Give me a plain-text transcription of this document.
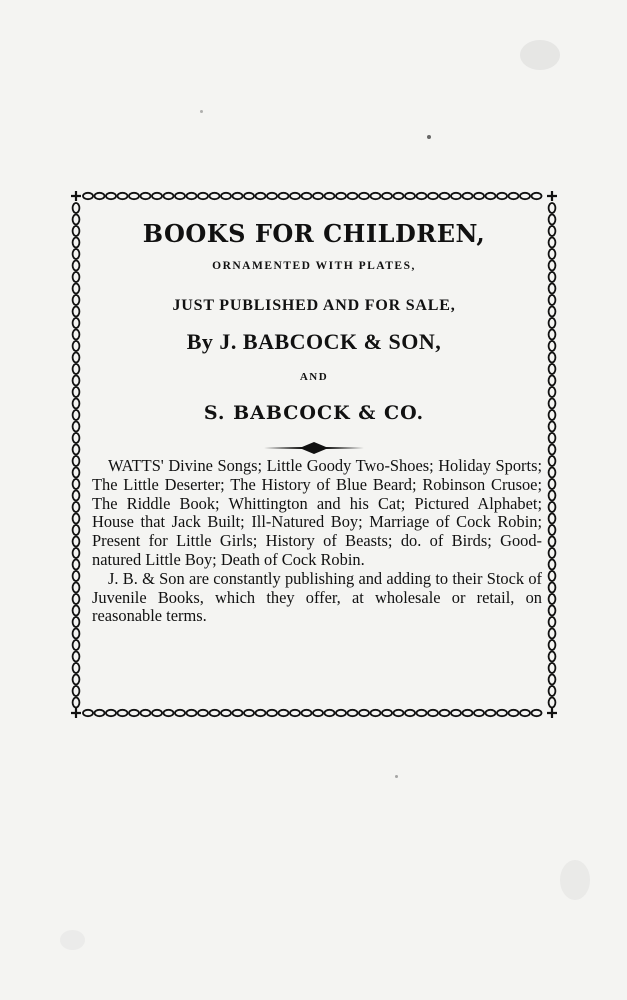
BOOKS FOR CHILDREN,
ORNAMENTED WITH PLATES,
JUST PUBLISHED AND FOR SALE,
By J. BABCOCK & SON,
AND
S. BABCOCK & CO.

WATTS' Divine Songs; Little Goody Two-Shoes; Holiday Sports; The Little Deserter; The History of Blue Beard; Robinson Crusoe; The Riddle Book; Whittington and his Cat; Pictured Alphabet; House that Jack Built; Ill-Natured Boy; Marriage of Cock Robin; Present for Little Girls; History of Beasts; do. of Birds; Good-natured Little Boy; Death of Cock Robin.

J. B. & Son are constantly publishing and adding to their Stock of Juvenile Books, which they offer, at wholesale or retail, on reasonable terms.
